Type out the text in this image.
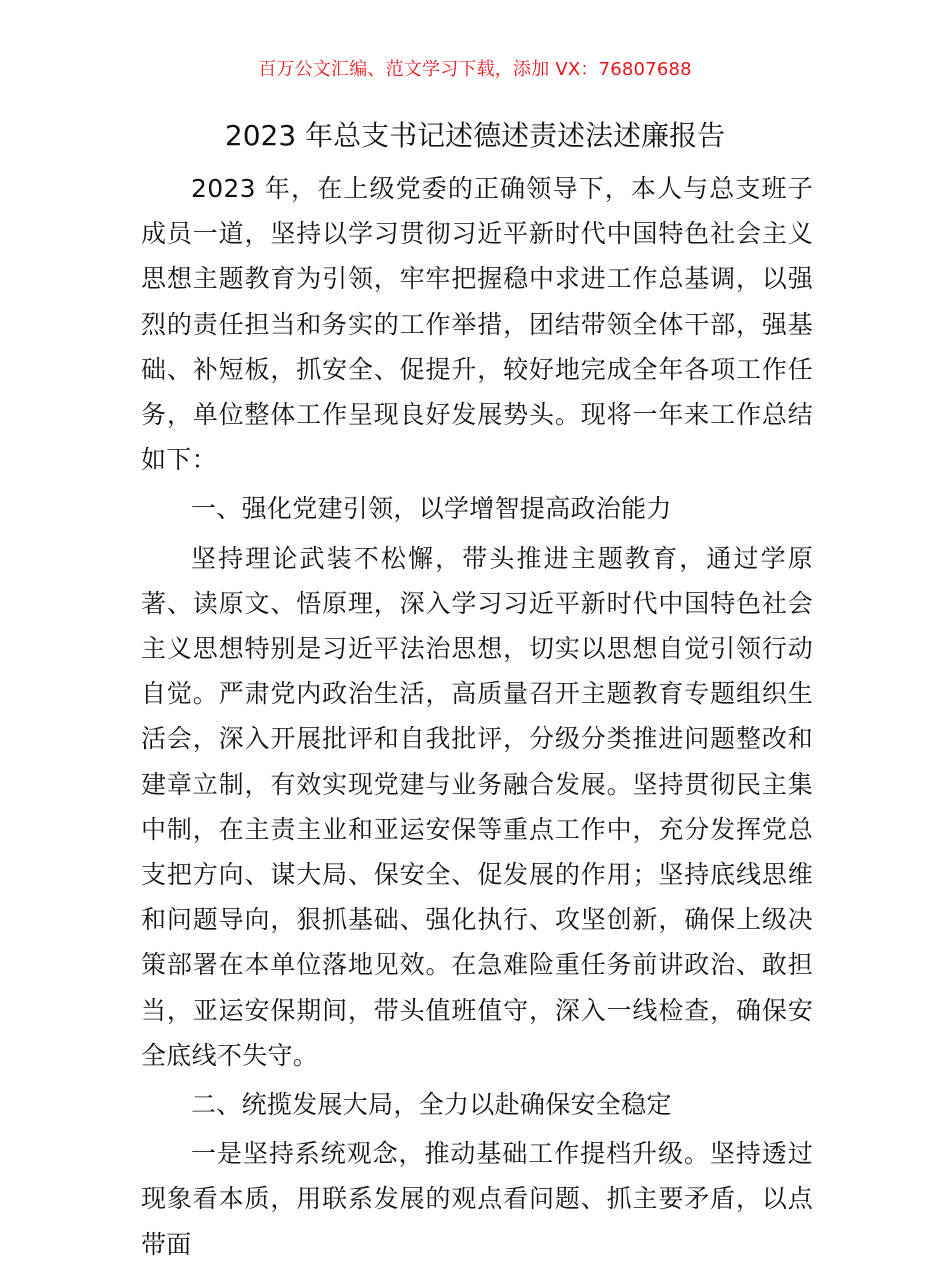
百万公文汇编、范文学习下载，添加 VX：76807688
2023 年总支书记述德述责述法述廉报告

2023 年，在上级党委的正确领导下，本人与总支班子成员一道，坚持以学习贯彻习近平新时代中国特色社会主义思想主题教育为引领，牢牢把握稳中求进工作总基调，以强烈的责任担当和务实的工作举措，团结带领全体干部，强基础、补短板，抓安全、促提升，较好地完成全年各项工作任务，单位整体工作呈现良好发展势头。现将一年来工作总结如下：

一、强化党建引领，以学增智提高政治能力

坚持理论武装不松懈，带头推进主题教育，通过学原著、读原文、悟原理，深入学习习近平新时代中国特色社会主义思想特别是习近平法治思想，切实以思想自觉引领行动自觉。严肃党内政治生活，高质量召开主题教育专题组织生活会，深入开展批评和自我批评，分级分类推进问题整改和建章立制，有效实现党建与业务融合发展。坚持贯彻民主集中制，在主责主业和亚运安保等重点工作中，充分发挥党总支把方向、谋大局、保安全、促发展的作用；坚持底线思维和问题导向，狠抓基础、强化执行、攻坚创新，确保上级决策部署在本单位落地见效。在急难险重任务前讲政治、敢担当，亚运安保期间，带头值班值守，深入一线检查，确保安全底线不失守。

二、统揽发展大局，全力以赴确保安全稳定

一是坚持系统观念，推动基础工作提档升级。坚持透过现象看本质，用联系发展的观点看问题、抓主要矛盾，以点带面
